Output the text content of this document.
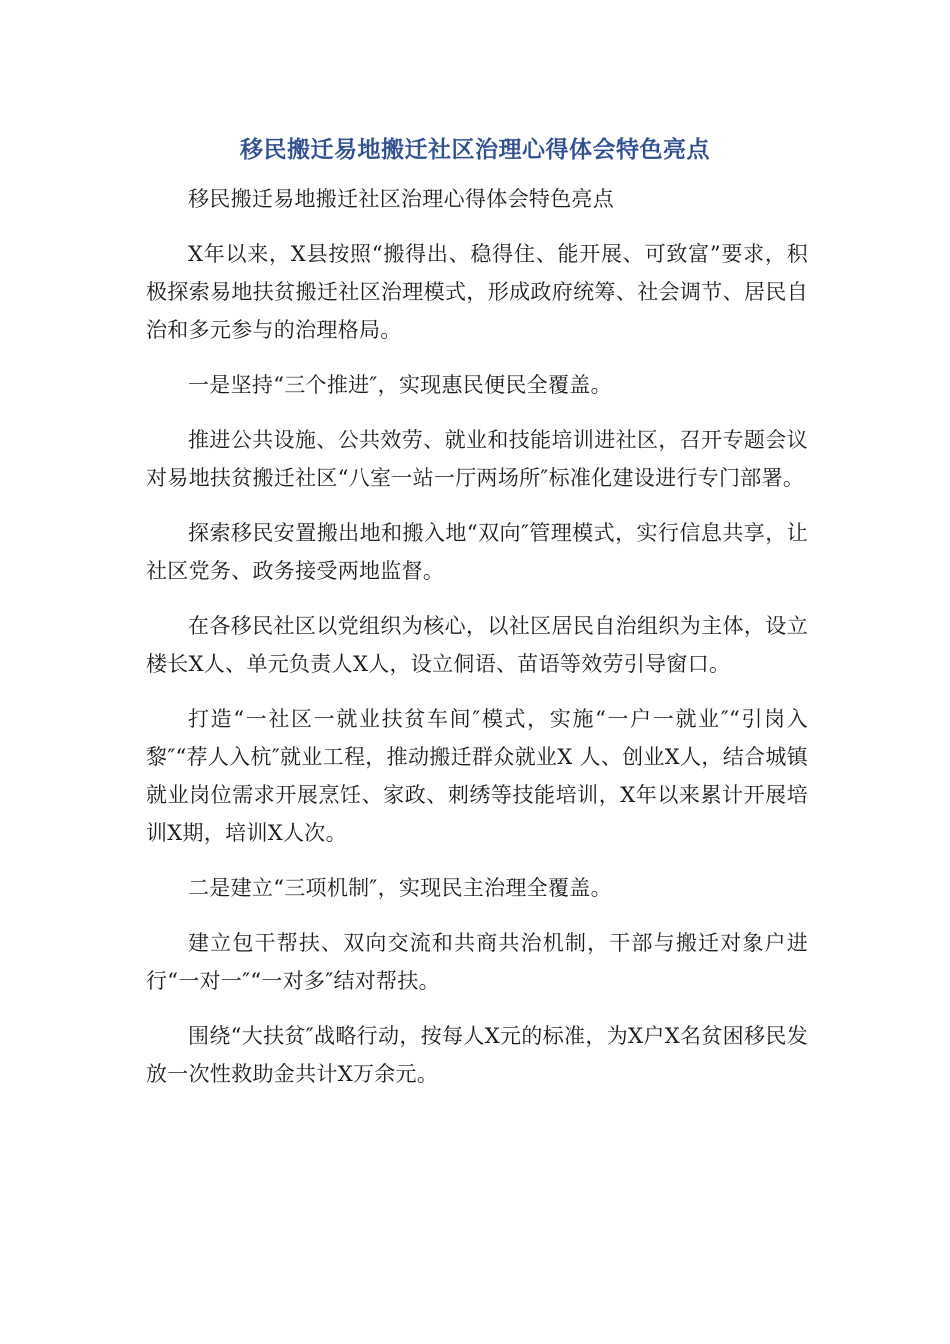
移民搬迁易地搬迁社区治理心得体会特色亮点

移民搬迁易地搬迁社区治理心得体会特色亮点

X年以来，X县按照“搬得出、稳得住、能开展、可致富”要求，积极探索易地扶贫搬迁社区治理模式，形成政府统筹、社会调节、居民自治和多元参与的治理格局。

一是坚持“三个推进″，实现惠民便民全覆盖。

推进公共设施、公共效劳、就业和技能培训进社区，召开专题会议对易地扶贫搬迁社区“八室一站一厅两场所″标准化建设进行专门部署。

探索移民安置搬出地和搬入地“双向″管理模式，实行信息共享，让社区党务、政务接受两地监督。

在各移民社区以党组织为核心，以社区居民自治组织为主体，设立楼长X人、单元负责人X人，设立侗语、苗语等效劳引导窗口。

打造“一社区一就业扶贫车间″模式，实施“一户一就业″“引岗入黎″“荐人入杭″就业工程，推动搬迁群众就业X 人、创业X人，结合城镇就业岗位需求开展烹饪、家政、刺绣等技能培训，X年以来累计开展培训X期，培训X人次。

二是建立“三项机制″，实现民主治理全覆盖。

建立包干帮扶、双向交流和共商共治机制，干部与搬迁对象户进行“一对一″“一对多″结对帮扶。

围绕“大扶贫″战略行动，按每人X元的标准，为X户X名贫困移民发放一次性救助金共计X万余元。
